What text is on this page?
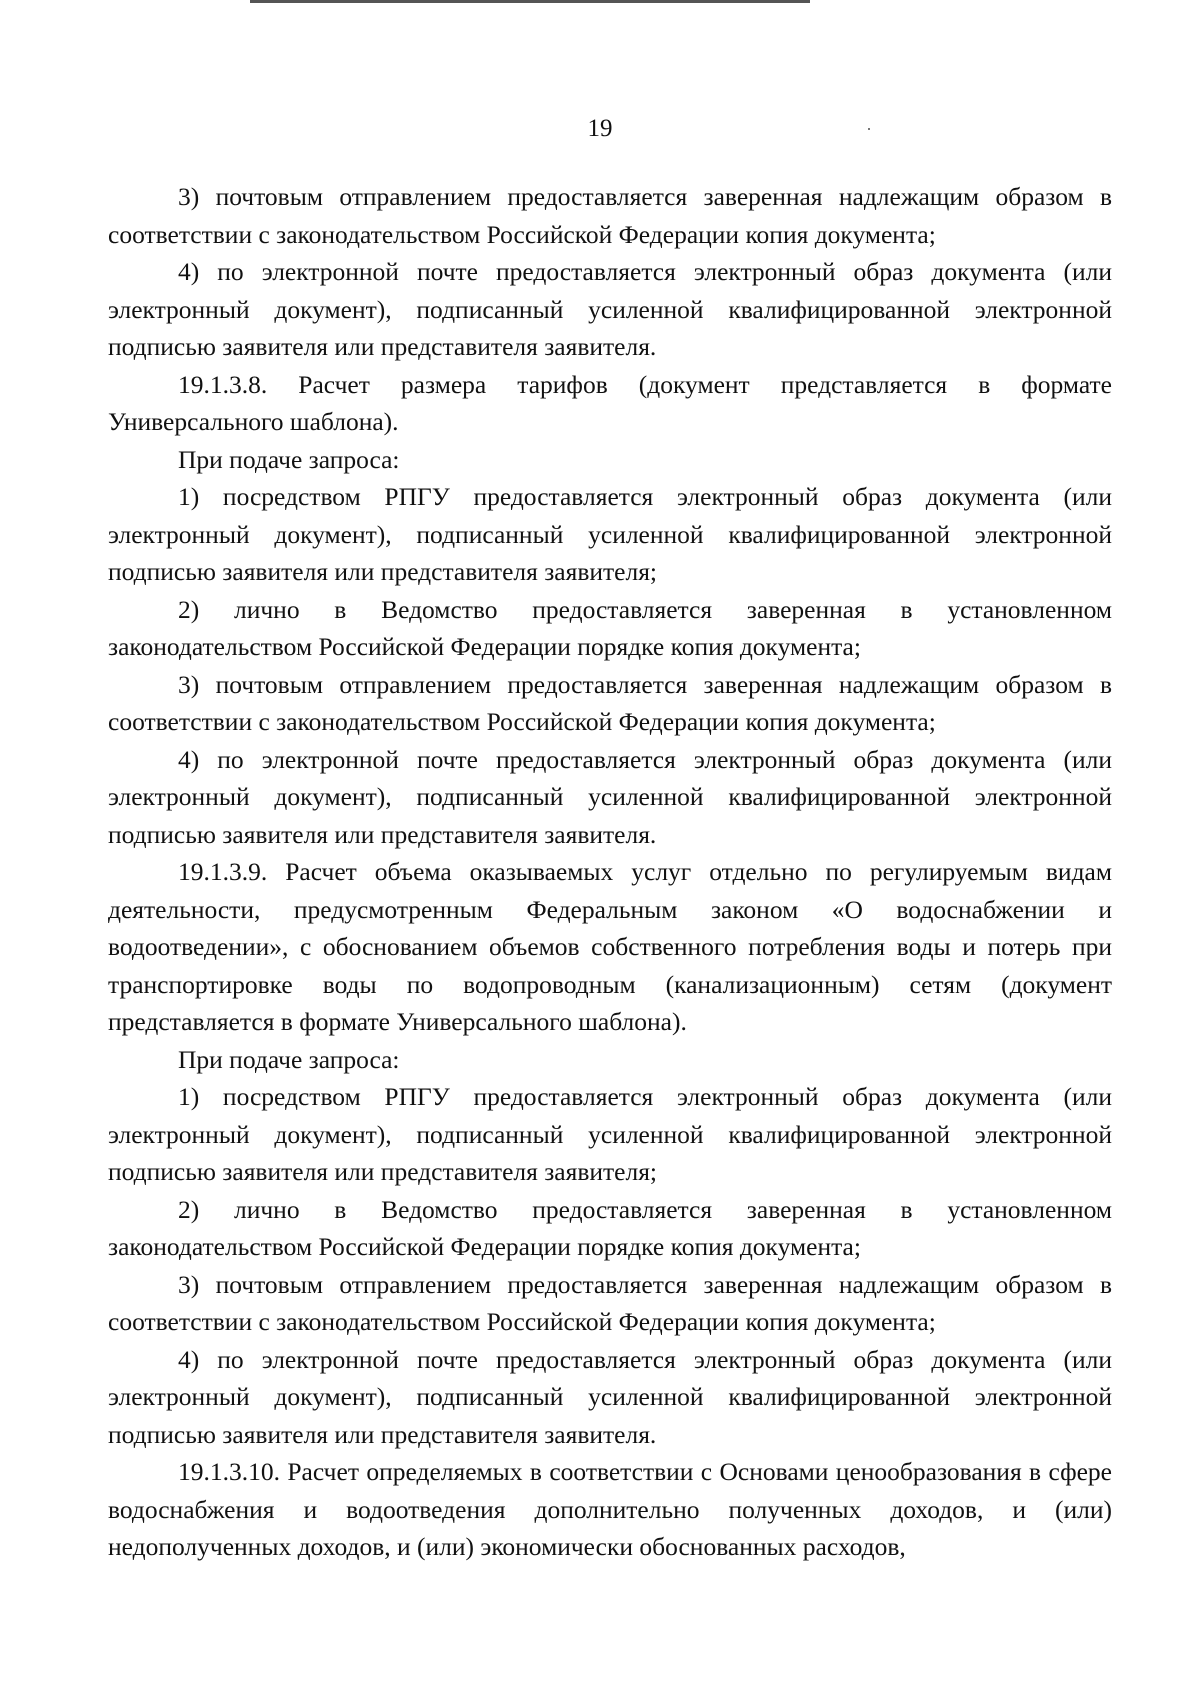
19

3) почтовым отправлением предоставляется заверенная надлежащим образом в соответствии с законодательством Российской Федерации копия документа;

4) по электронной почте предоставляется электронный образ документа (или электронный документ), подписанный усиленной квалифицированной электронной подписью заявителя или представителя заявителя.

19.1.3.8. Расчет размера тарифов (документ представляется в формате Универсального шаблона).

При подаче запроса:

1) посредством РПГУ предоставляется электронный образ документа (или электронный документ), подписанный усиленной квалифицированной электронной подписью заявителя или представителя заявителя;

2) лично в Ведомство предоставляется заверенная в установленном законодательством Российской Федерации порядке копия документа;

3) почтовым отправлением предоставляется заверенная надлежащим образом в соответствии с законодательством Российской Федерации копия документа;

4) по электронной почте предоставляется электронный образ документа (или электронный документ), подписанный усиленной квалифицированной электронной подписью заявителя или представителя заявителя.

19.1.3.9. Расчет объема оказываемых услуг отдельно по регулируемым видам деятельности, предусмотренным Федеральным законом «О водоснабжении и водоотведении», с обоснованием объемов собственного потребления воды и потерь при транспортировке воды по водопроводным (канализационным) сетям (документ представляется в формате Универсального шаблона).

При подаче запроса:

1) посредством РПГУ предоставляется электронный образ документа (или электронный документ), подписанный усиленной квалифицированной электронной подписью заявителя или представителя заявителя;

2) лично в Ведомство предоставляется заверенная в установленном законодательством Российской Федерации порядке копия документа;

3) почтовым отправлением предоставляется заверенная надлежащим образом в соответствии с законодательством Российской Федерации копия документа;

4) по электронной почте предоставляется электронный образ документа (или электронный документ), подписанный усиленной квалифицированной электронной подписью заявителя или представителя заявителя.

19.1.3.10. Расчет определяемых в соответствии с Основами ценообразования в сфере водоснабжения и водоотведения дополнительно полученных доходов, и (или) недополученных доходов, и (или) экономически обоснованных расходов,
